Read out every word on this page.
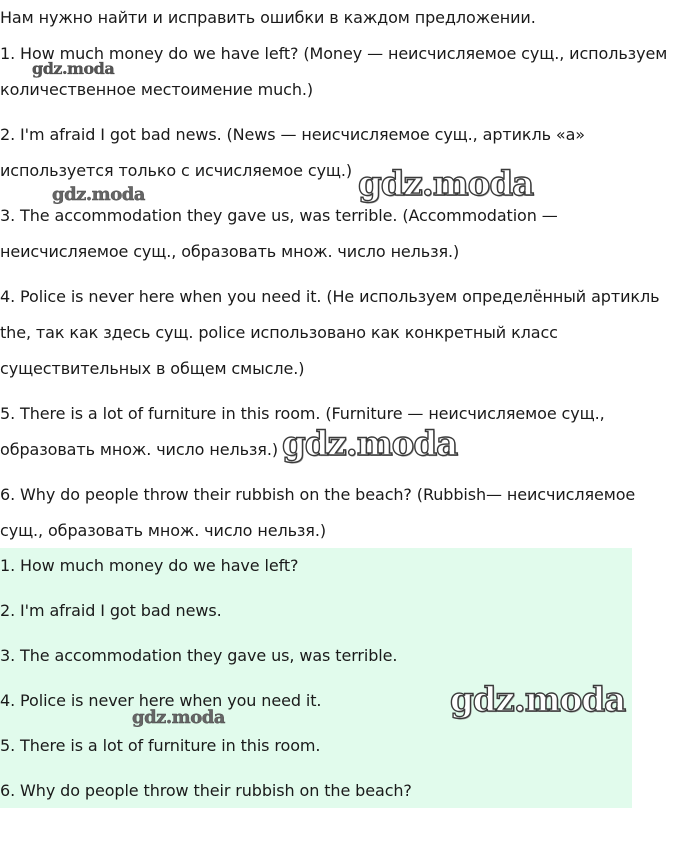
Нам нужно найти и исправить ошибки в каждом предложении.
1. How much money do we have left? (Money — неисчисляемое сущ., используем
количественное местоимение much.)
2. I'm afraid I got bad news. (News — неисчисляемое сущ., артикль «a»
используется только с исчисляемое сущ.)
3. The accommodation they gave us, was terrible. (Accommodation —
неисчисляемое сущ., образовать множ. число нельзя.)
4. Police is never here when you need it. (Не используем определённый артикль
the, так как здесь сущ. police использовано как конкретный класс
существительных в общем смысле.)
5. There is a lot of furniture in this room. (Furniture — неисчисляемое сущ.,
образовать множ. число нельзя.)
6. Why do people throw their rubbish on the beach? (Rubbish— неисчисляемое
сущ., образовать множ. число нельзя.)
1. How much money do we have left?
2. I'm afraid I got bad news.
3. The accommodation they gave us, was terrible.
4. Police is never here when you need it.
5. There is a lot of furniture in this room.
6. Why do people throw their rubbish on the beach?
gdz.moda
gdz.moda	gdz.moda
gdz.moda
gdz.moda
gdz.moda
